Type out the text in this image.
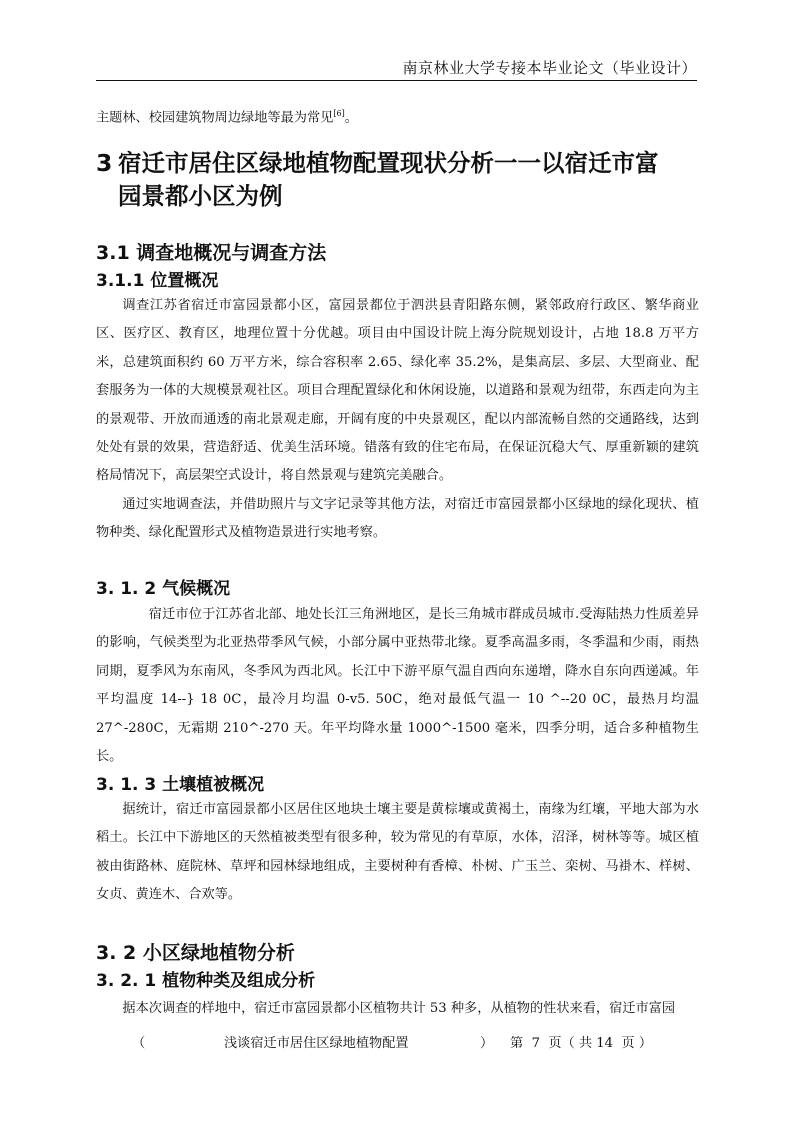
南京林业大学专接本毕业论文（毕业设计）

主题林、校园建筑物周边绿地等最为常见[6]。

3 宿迁市居住区绿地植物配置现状分析一一以宿迁市富
园景都小区为例
3.1 调查地概况与调查方法
3.1.1 位置概况

调查江苏省宿迁市富园景都小区，富园景都位于泗洪县青阳路东侧，紧邻政府行政区、繁华商业区、医疗区、教育区，地理位置十分优越。项目由中国设计院上海分院规划设计，占地 18.8 万平方米，总建筑面积约 60 万平方米，综合容积率 2.65、绿化率 35.2%，是集高层、多层、大型商业、配套服务为一体的大规模景观社区。项目合理配置绿化和休闲设施，以道路和景观为纽带，东西走向为主的景观带、开放而通透的南北景观走廊，开阔有度的中央景观区，配以内部流畅自然的交通路线，达到处处有景的效果，营造舒适、优美生活环境。错落有致的住宅布局，在保证沉稳大气、厚重新颖的建筑格局情况下，高层架空式设计，将自然景观与建筑完美融合。

通过实地调查法，并借助照片与文字记录等其他方法，对宿迁市富园景都小区绿地的绿化现状、植物种类、绿化配置形式及植物造景进行实地考察。

3. 1. 2 气候概况

宿迁市位于江苏省北部、地处长江三角洲地区，是长三角城市群成员城市.受海陆热力性质差异的影响，气候类型为北亚热带季风气候，小部分属中亚热带北缘。夏季高温多雨，冬季温和少雨，雨热同期，夏季风为东南风，冬季风为西北风。长江中下游平原气温自西向东递增，降水自东向西递减。年平均温度 14--} 18 0C，最冷月均温 0-v5. 50C，绝对最低气温一 10 ^--20 0C，最热月均温 27^-280C，无霜期 210^-270 天。年平均降水量 1000^-1500 毫米，四季分明，适合多种植物生长。

3. 1. 3 土壤植被概况

据统计，宿迁市富园景都小区居住区地块土壤主要是黄棕壤或黄褐土，南缘为红壤，平地大部为水稻土。长江中下游地区的天然植被类型有很多种，较为常见的有草原，水体，沼泽，树林等等。城区植被由街路林、庭院林、草坪和园林绿地组成，主要树种有香樟、朴树、广玉兰、栾树、马褂木、样树、女贞、黄连木、合欢等。

3. 2 小区绿地植物分析
3. 2. 1 植物种类及组成分析

据本次调查的样地中，宿迁市富园景都小区植物共计 53 种多，从植物的性状来看，宿迁市富园

（	浅谈宿迁市居住区绿地植物配置	） 第  7  页（ 共 14  页 ）
